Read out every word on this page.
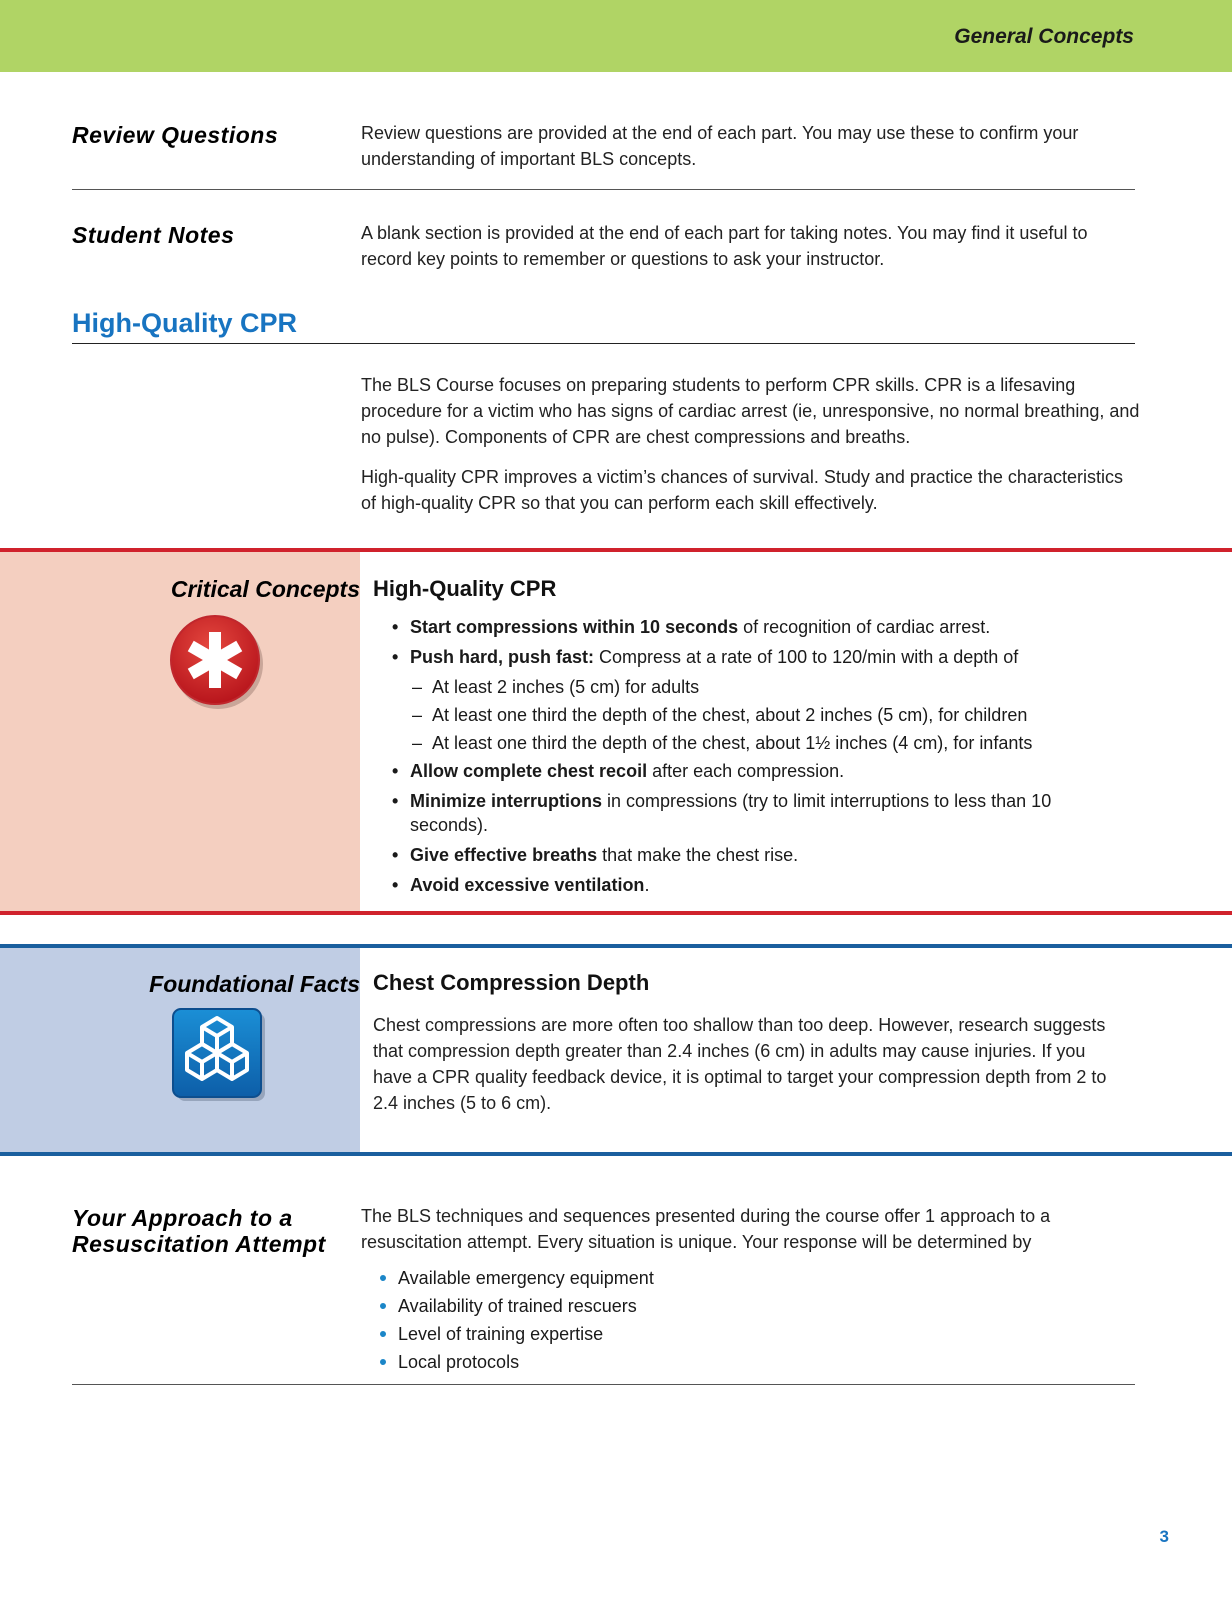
General Concepts
Review Questions	Review questions are provided at the end of each part. You may use these to confirm your understanding of important BLS concepts.
Student Notes	A blank section is provided at the end of each part for taking notes. You may find it useful to record key points to remember or questions to ask your instructor.
High-Quality CPR
The BLS Course focuses on preparing students to perform CPR skills. CPR is a lifesaving procedure for a victim who has signs of cardiac arrest (ie, unresponsive, no normal breathing, and no pulse). Components of CPR are chest compressions and breaths.
High-quality CPR improves a victim’s chances of survival. Study and practice the characteristics of high-quality CPR so that you can perform each skill effectively.
Critical Concepts High-Quality CPR
• Start compressions within 10 seconds of recognition of cardiac arrest.
• Push hard, push fast: Compress at a rate of 100 to 120/min with a depth of
– At least 2 inches (5 cm) for adults
– At least one third the depth of the chest, about 2 inches (5 cm), for children
– At least one third the depth of the chest, about 1½ inches (4 cm), for infants
• Allow complete chest recoil after each compression.
• Minimize interruptions in compressions (try to limit interruptions to less than 10 seconds).
• Give effective breaths that make the chest rise.
• Avoid excessive ventilation.
Foundational Facts Chest Compression Depth
Chest compressions are more often too shallow than too deep. However, research suggests that compression depth greater than 2.4 inches (6 cm) in adults may cause injuries. If you have a CPR quality feedback device, it is optimal to target your compression depth from 2 to 2.4 inches (5 to 6 cm).
Your Approach to a Resuscitation Attempt
The BLS techniques and sequences presented during the course offer 1 approach to a resuscitation attempt. Every situation is unique. Your response will be determined by
Available emergency equipment
Availability of trained rescuers
Level of training expertise
Local protocols
3
